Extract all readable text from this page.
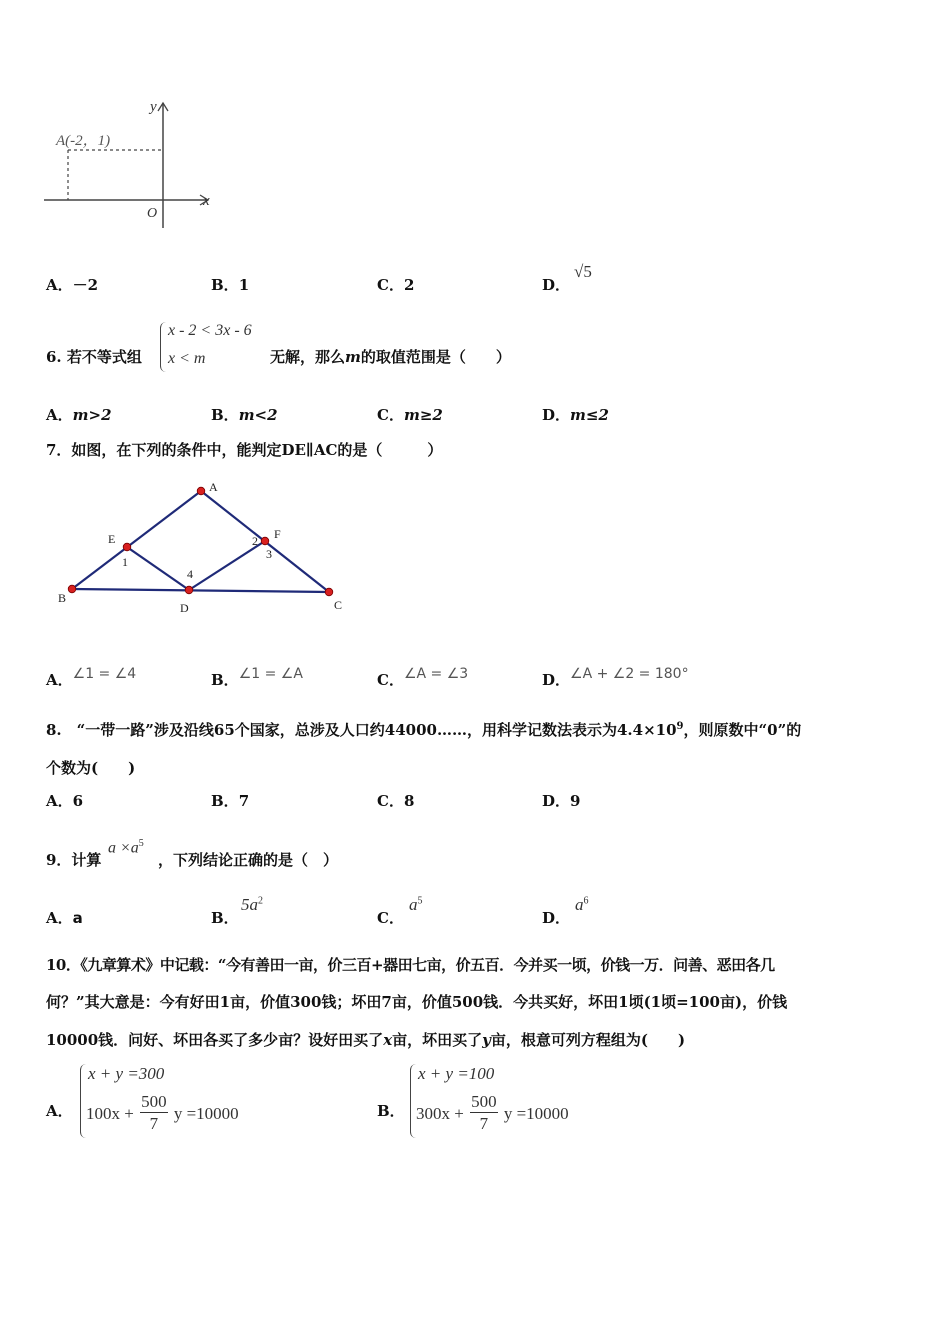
A(-2，1)
y
x
O
A．－2	B．1	C．2	D．
√5
6. 若不等式组
x - 2 < 3x - 6
x < m	无解，那么m的取值范围是（　　）
A．m>2	B．m<2	C．m≥2	D．m≤2
7．如图，在下列的条件中，能判定DE∥AC的是（　　　）
A
B	C
D
E	F
1
2
3
4
A．∠1 = ∠4	B．∠1 = ∠A	C．∠A = ∠3	D．∠A + ∠2 = 180°
8.　“一带一路”涉及沿线65个国家，总涉及人口约44000……，用科学记数法表示为$4.4\times 10^9$，则原数中“0”的
个数为(　　)
A．6	B．7	C．8	D．9
9．计算
$a \times a^5$
，下列结论正确的是（　）
A．a	B．
$5a^2$
C．
$a^5$
D．
$a^6$
10．《九章算术》中记载：“今有善田一亩，价三百+器田七亩，价五百．今并买一顷，价钱一万．问善、恶田各几
何？”其大意是：今有好田1亩，价值300钱；坏田7亩，价值500钱．今共买好，坏田1顷(1顷=100亩)，价钱
10000钱．问好、坏田各买了多少亩？设好田买了x亩，坏田买了y亩，根意可列方程组为(　　)
A．
x + y =300
$100x + \frac{500}{7}$ y =10000	B．
x + y =100
$300x + \frac{500}{7}$ y =10000
